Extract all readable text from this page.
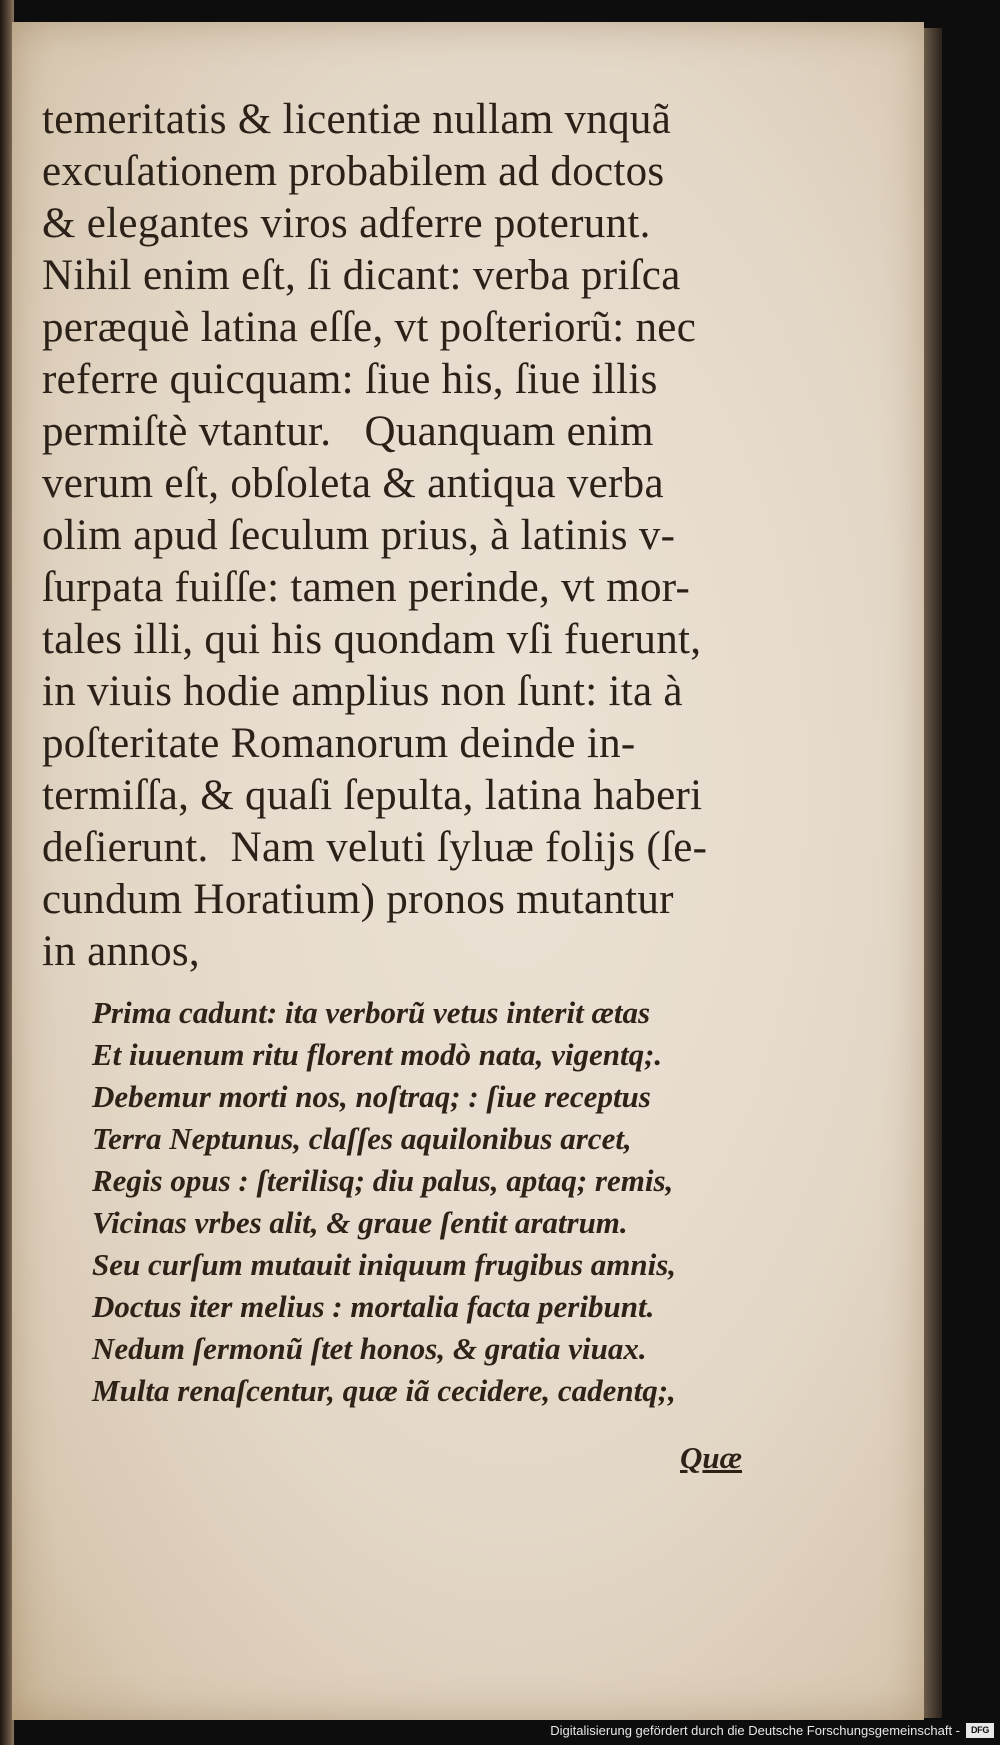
temeritatis & licentiæ nullam vnquã
excuſationem probabilem ad doctos
& elegantes viros adferre poterunt.
Nihil enim eſt, ſi dicant: verba priſca
peræquè latina eſſe, vt poſteriorũ: nec
referre quicquam: ſiue his, ſiue illis
permiſtè vtantur.   Quanquam enim
verum eſt, obſoleta & antiqua verba
olim apud ſeculum prius, à latinis v-
ſurpata fuiſſe: tamen perinde, vt mor-
tales illi, qui his quondam vſi fuerunt,
in viuis hodie amplius non ſunt: ita à
poſteritate Romanorum deinde in-
termiſſa, & quaſi ſepulta, latina haberi
deſierunt.  Nam veluti ſyluæ folijs (ſe-
cundum Horatium) pronos mutantur
in annos,
Prima cadunt: ita verborũ vetus interit ætas
Et iuuenum ritu florent modò nata, vigentq;.
Debemur morti nos, noſtraq; : ſiue receptus
Terra Neptunus, claſſes aquilonibus arcet,
Regis opus : ſterilisq; diu palus, aptaq; remis,
Vicinas vrbes alit, & graue ſentit aratrum.
Seu curſum mutauit iniquum frugibus amnis,
Doctus iter melius : mortalia facta peribunt.
Nedum ſermonũ ſtet honos, & gratia viuax.
Multa renaſcentur, quæ iã cecidere, cadentq;,
Quæ
Digitalisierung gefördert durch die Deutsche Forschungsgemeinschaft -	DFG
